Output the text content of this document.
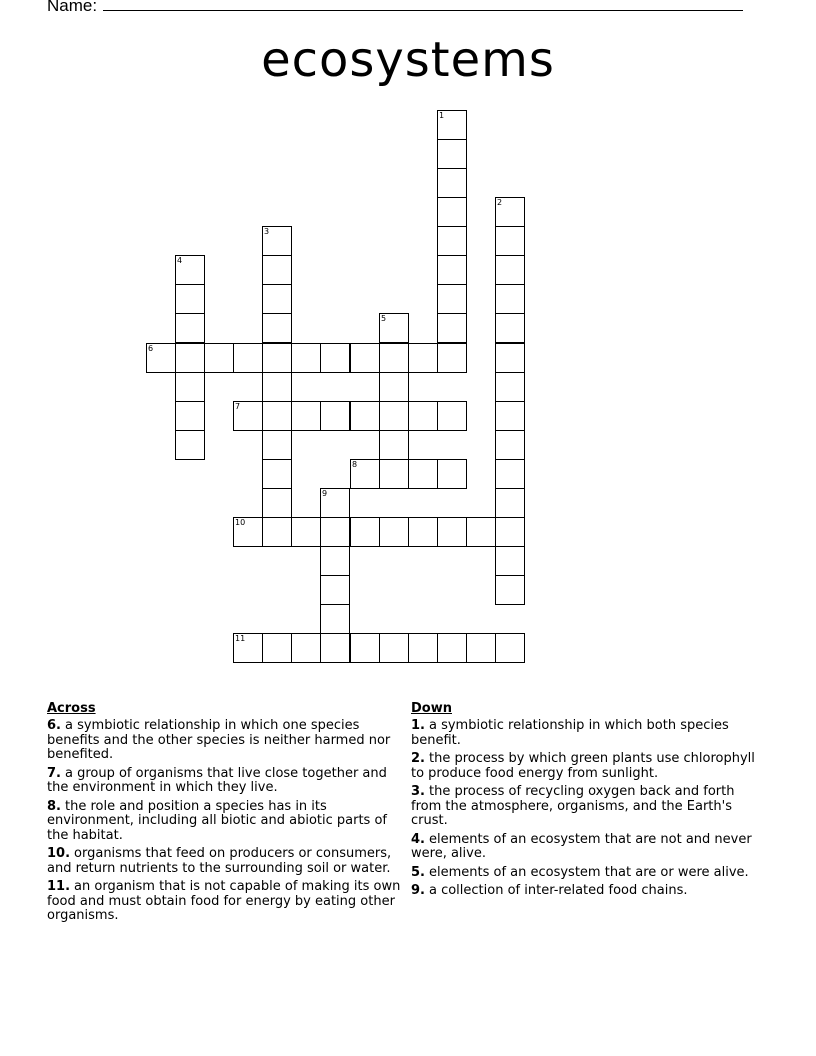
Name:
ecosystems
1
2
3
4
5
6
7
8
9
10
11
Across
6. a symbiotic relationship in which one species benefits and the other species is neither harmed nor benefited.
7. a group of organisms that live close together and the environment in which they live.
8. the role and position a species has in its environment, including all biotic and abiotic parts of the habitat.
10. organisms that feed on producers or consumers, and return nutrients to the surrounding soil or water.
11. an organism that is not capable of making its own food and must obtain food for energy by eating other organisms.
Down
1. a symbiotic relationship in which both species benefit.
2. the process by which green plants use chlorophyll to produce food energy from sunlight.
3. the process of recycling oxygen back and forth from the atmosphere, organisms, and the Earth's crust.
4. elements of an ecosystem that are not and never were, alive.
5. elements of an ecosystem that are or were alive.
9. a collection of inter-related food chains.
